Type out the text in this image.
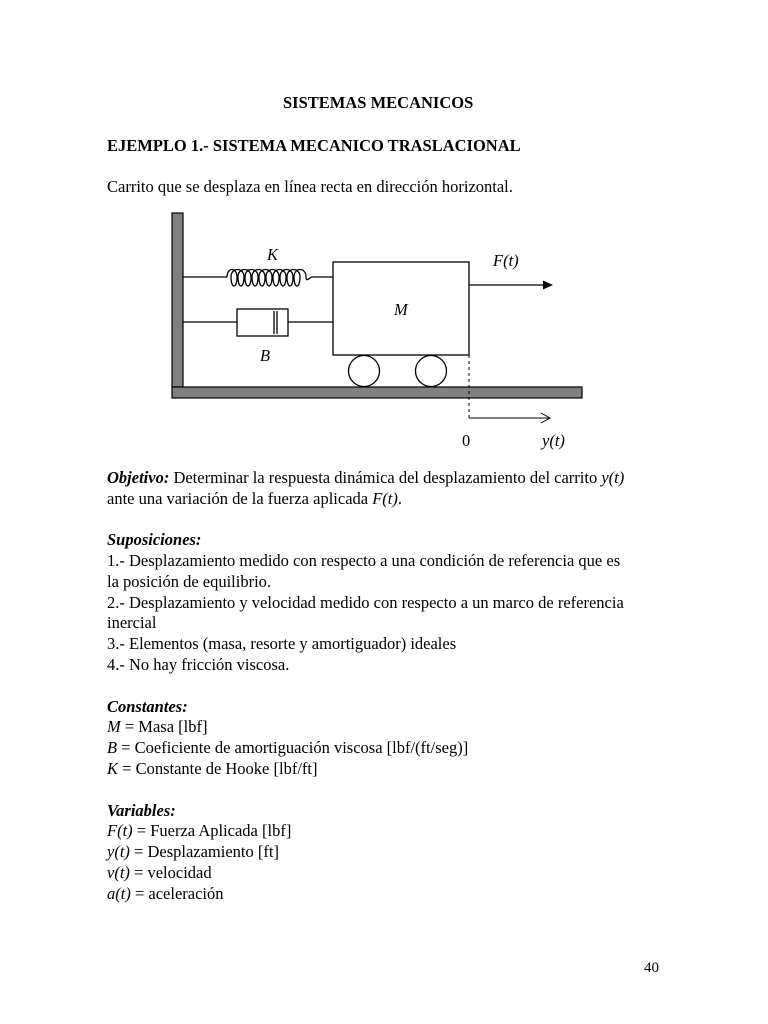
SISTEMAS MECANICOS
EJEMPLO 1.- SISTEMA MECANICO TRASLACIONAL
Carrito que se desplaza en línea recta en dirección horizontal.
K
M
B
F(t)
0	y(t)
Objetivo: Determinar la respuesta dinámica del desplazamiento del carrito y(t)
ante una variación de la fuerza aplicada F(t).
Suposiciones:
1.- Desplazamiento medido con respecto a una condición de referencia que es
la posición de equilibrio.
2.- Desplazamiento y velocidad medido con respecto a un marco de referencia
inercial
3.- Elementos (masa, resorte y amortiguador) ideales
4.- No hay fricción viscosa.
Constantes:
M = Masa [lbf]
B = Coeficiente de amortiguación viscosa [lbf/(ft/seg)]
K = Constante de Hooke [lbf/ft]
Variables:
F(t) = Fuerza Aplicada [lbf]
y(t) = Desplazamiento [ft]
v(t) = velocidad
a(t) = aceleración
40
